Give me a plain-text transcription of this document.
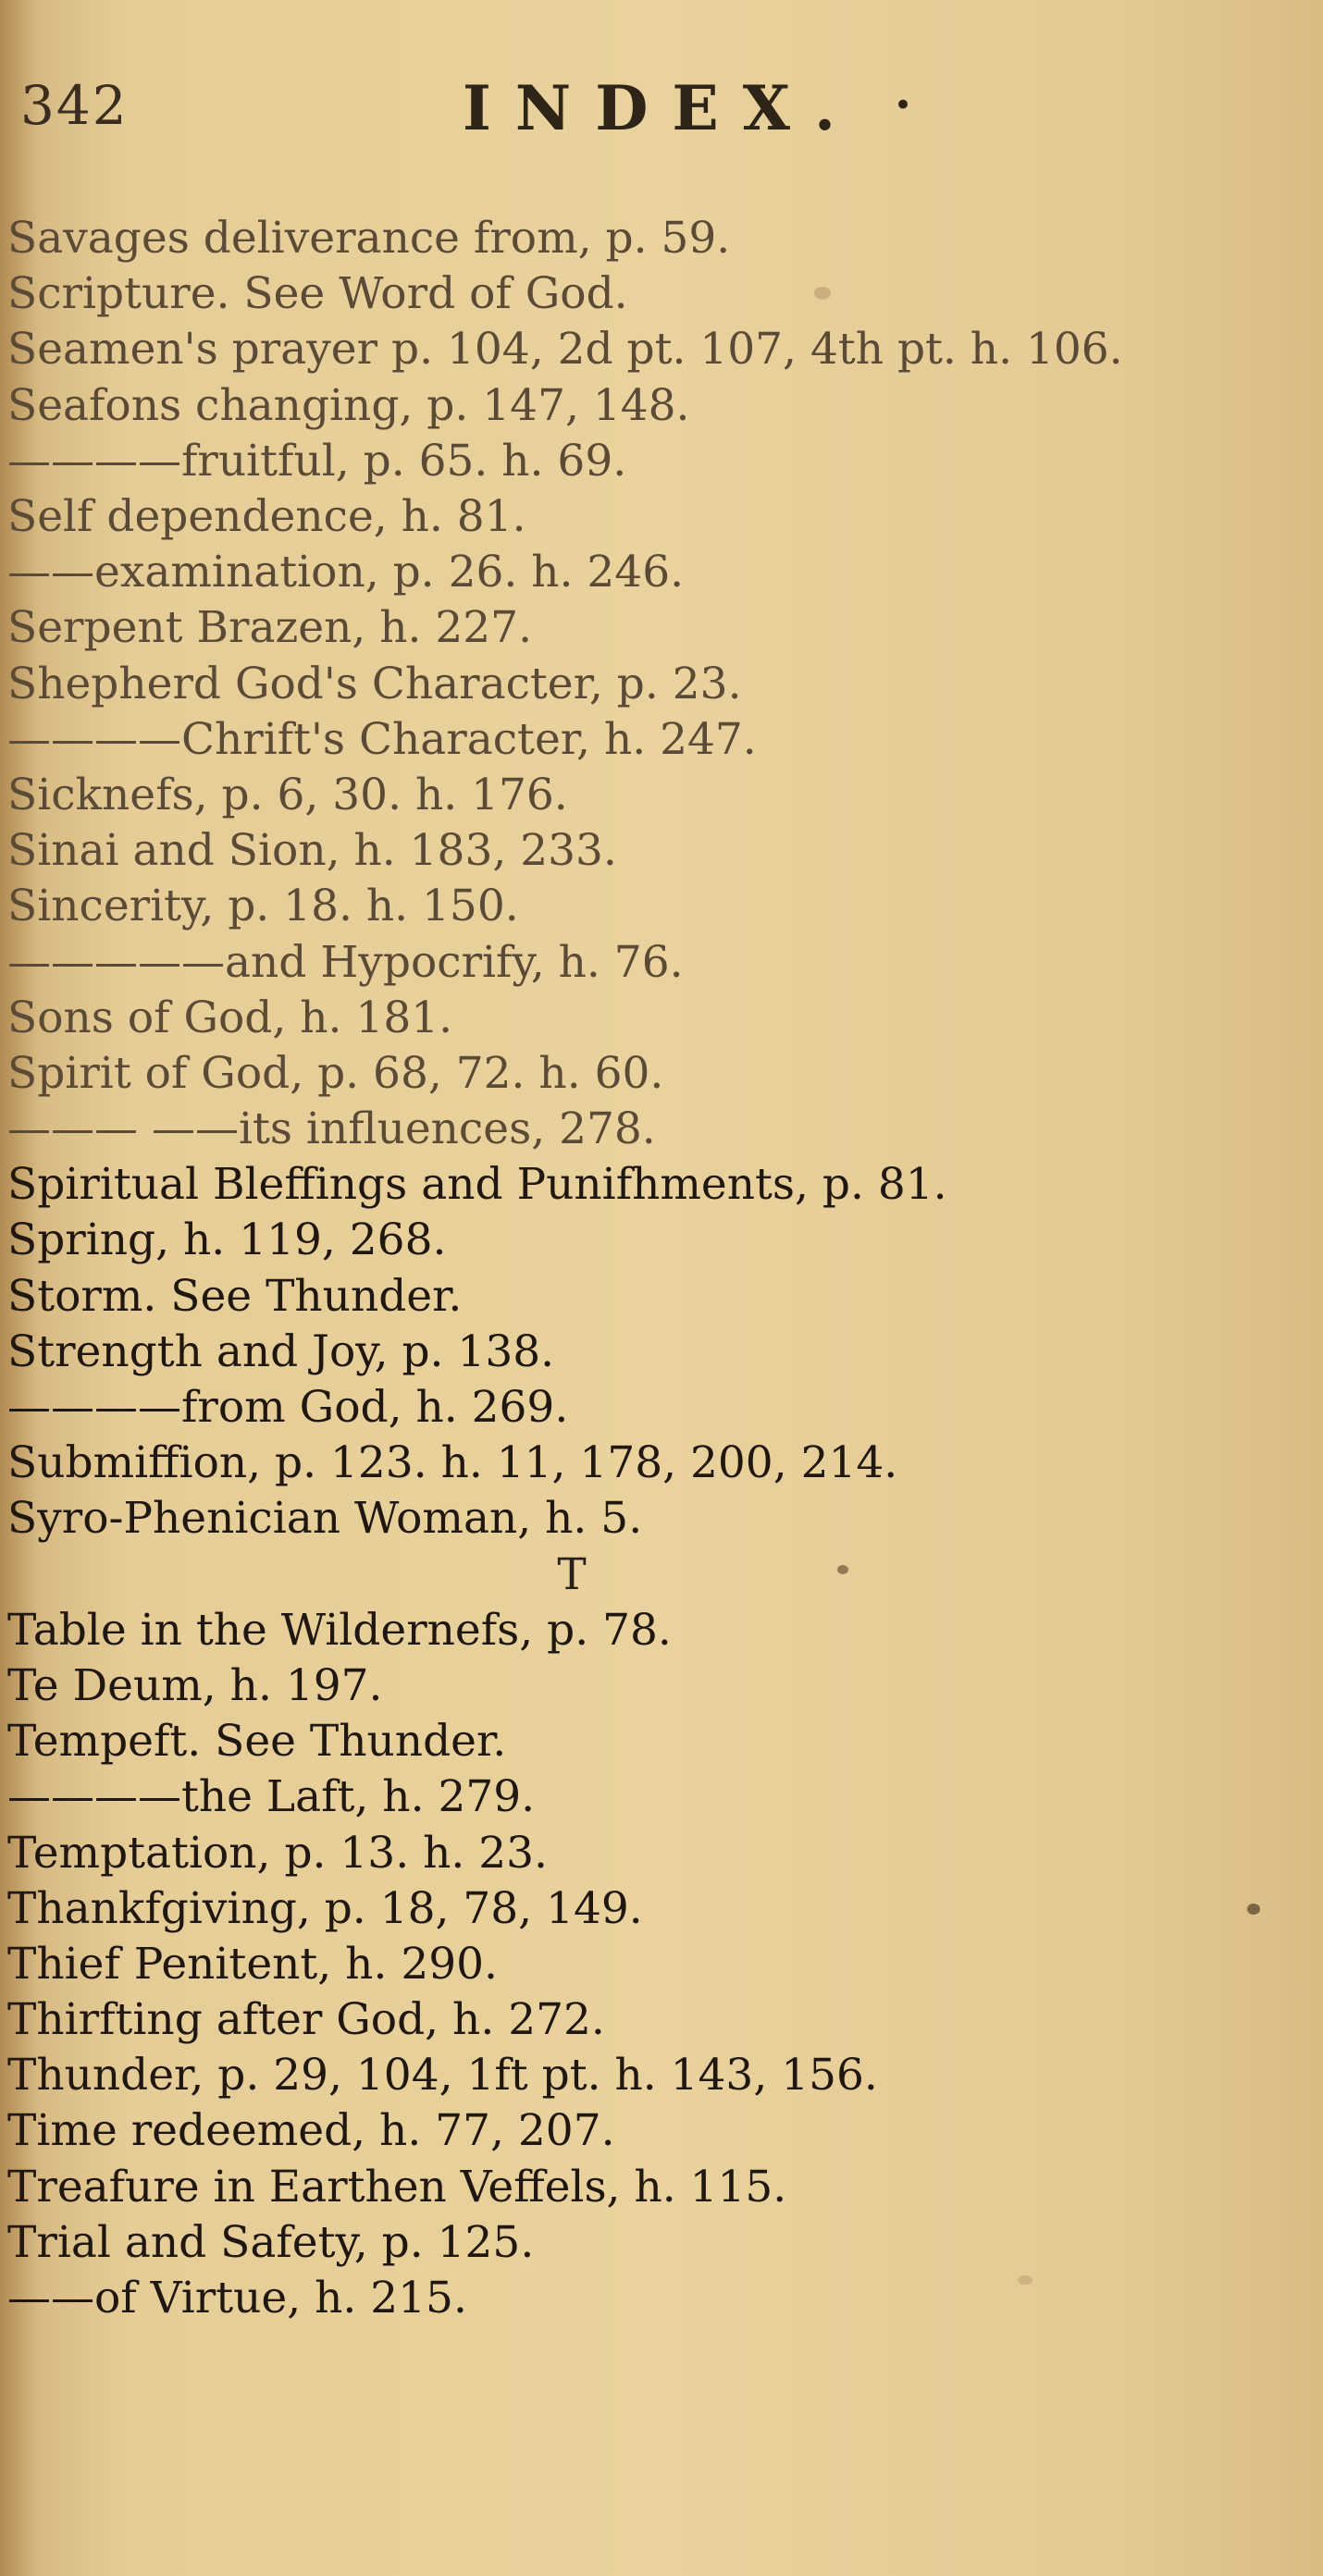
342	INDEX. •
Savages deliverance from, p. 59.
Scripture. See Word of God.
Seamen's prayer p. 104, 2d pt. 107, 4th pt. h. 106.
Seafons changing, p. 147, 148.
———— fruitful, p. 65. h. 69.
Self dependence, h. 81.
—— examination, p. 26. h. 246.
Serpent Brazen, h. 227.
Shepherd God's Character, p. 23.
———— Chrift's Character, h. 247.
Sicknefs, p. 6, 30. h. 176.
Sinai and Sion, h. 183, 233.
Sincerity, p. 18. h. 150.
————— and Hypocrify, h. 76.
Sons of God, h. 181.
Spirit of God, p. 68, 72. h. 60.
——— —— its influences, 278.
Spiritual Bleffings and Punifhments, p. 81.
Spring, h. 119, 268.
Storm. See Thunder.
Strength and Joy, p. 138.
———— from God, h. 269.
Submiffion, p. 123. h. 11, 178, 200, 214.
Syro-Phenician Woman, h. 5.
T
Table in the Wildernefs, p. 78.
Te Deum, h. 197.
Tempeft. See Thunder.
———— the Laft, h. 279.
Temptation, p. 13. h. 23.
Thankfgiving, p. 18, 78, 149.
Thief Penitent, h. 290.
Thirfting after God, h. 272.
Thunder, p. 29, 104, 1ft pt. h. 143, 156.
Time redeemed, h. 77, 207.
Treafure in Earthen Veffels, h. 115.
Trial and Safety, p. 125.
—— of Virtue, h. 215.
